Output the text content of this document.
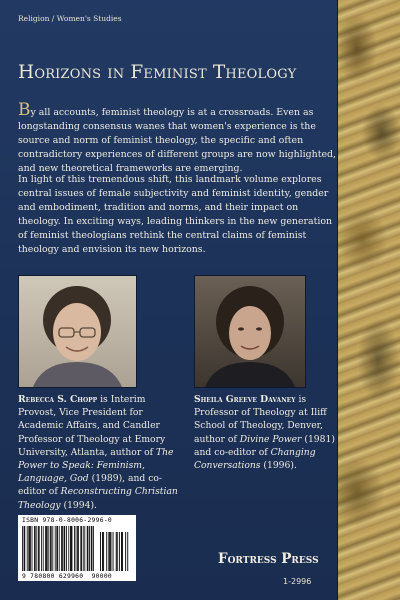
Religion / Women's Studies
Horizons in Feminist Theology

By all accounts, feminist theology is at a crossroads. Even as longstanding consensus wanes that women's experience is the source and norm of feminist theology, the specific and often contradictory experiences of different groups are now highlighted, and new theoretical frameworks are emerging.

In light of this tremendous shift, this landmark volume explores central issues of female subjectivity and feminist identity, gender and embodiment, tradition and norms, and their impact on theology. In exciting ways, leading thinkers in the new generation of feminist theologians rethink the central claims of feminist theology and envision its new horizons.

Rebecca S. Chopp is Interim Provost, Vice President for Academic Affairs, and Candler Professor of Theology at Emory University, Atlanta, author of The Power to Speak: Feminism, Language, God (1989), and co-editor of Reconstructing Christian Theology (1994).

Sheila Greeve Davaney is Professor of Theology at Iliff School of Theology, Denver, author of Divine Power (1981) and co-editor of Changing Conversations (1996).

ISBN 978-0-8006-2996-0
9 780800 629960 90000
Fortress Press
1-2996
